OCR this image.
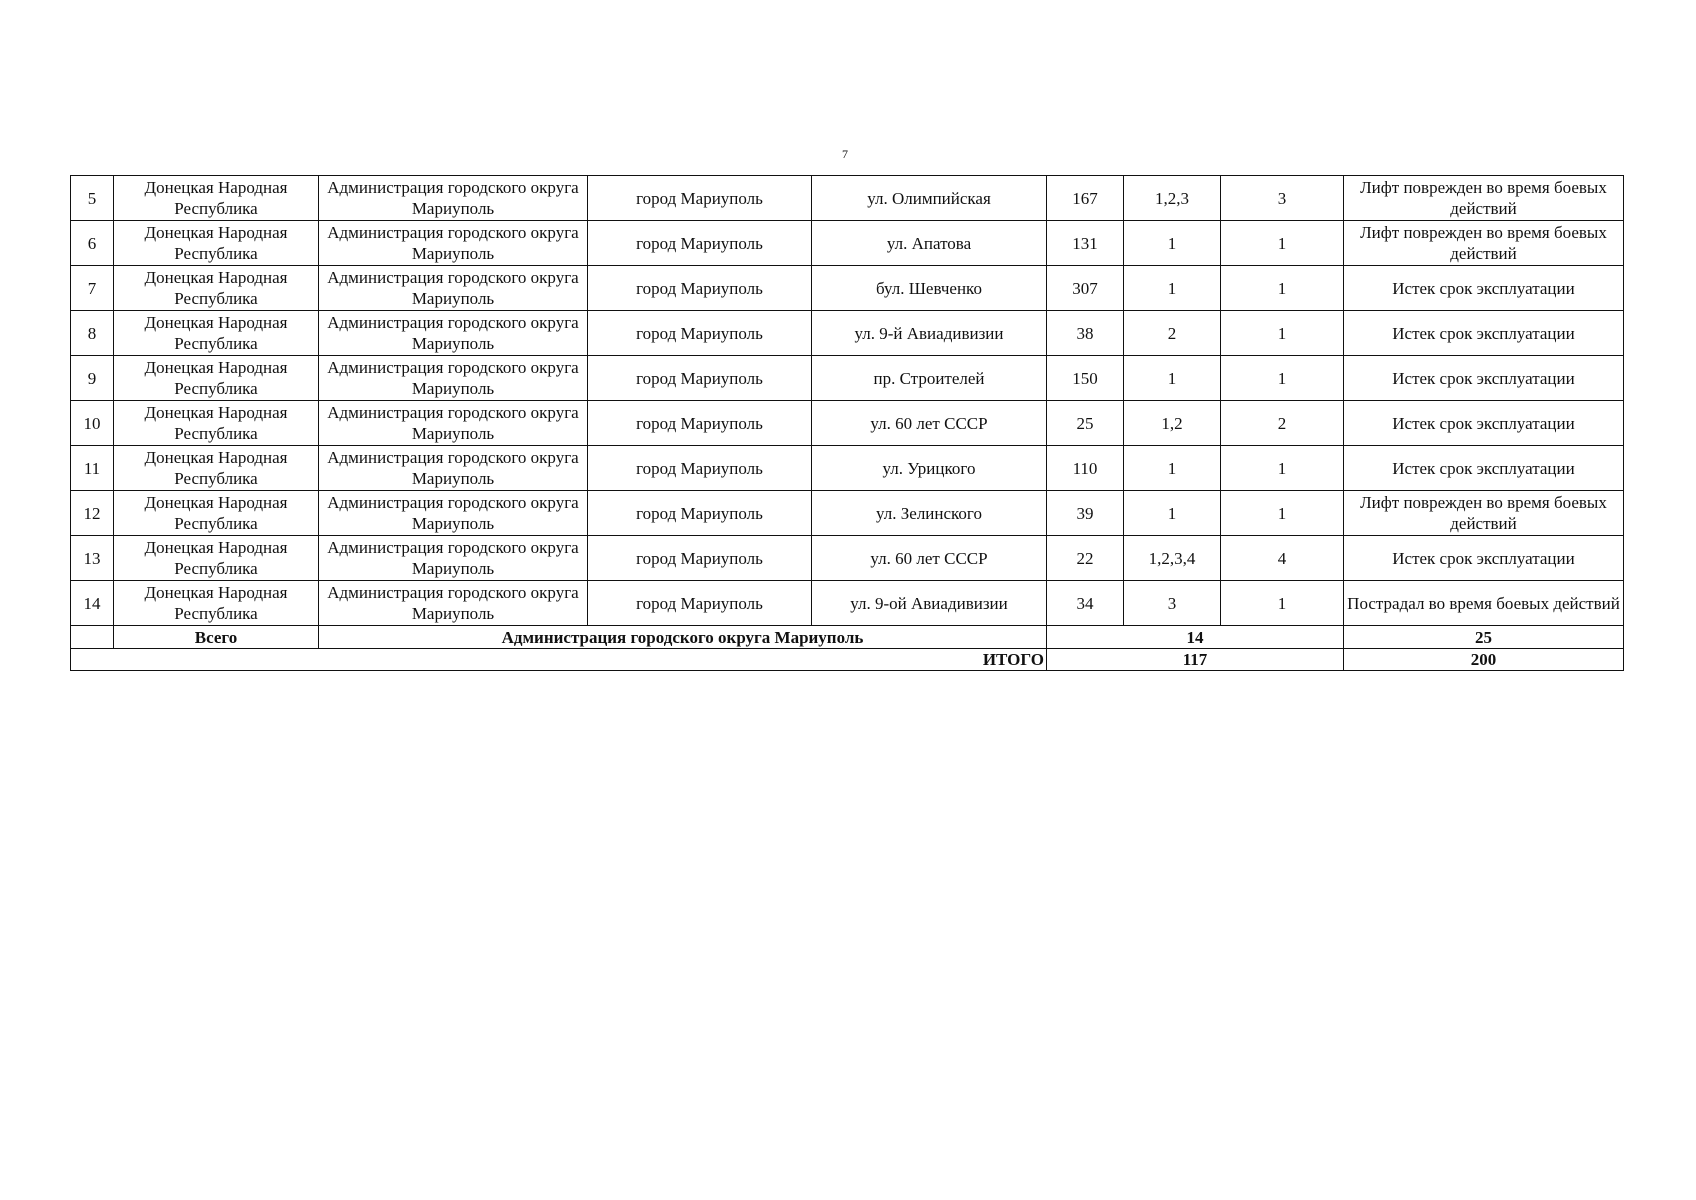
7
5	Донецкая Народная Республика	Администрация городского округа Мариуполь	город Мариуполь	ул. Олимпийская	167	1,2,3	3	Лифт поврежден во время боевых действий	
6	Донецкая Народная Республика	Администрация городского округа Мариуполь	город Мариуполь	ул. Апатова	131	1	1	Лифт поврежден во время боевых действий	
7	Донецкая Народная Республика	Администрация городского округа Мариуполь	город Мариуполь	бул. Шевченко	307	1	1	Истек срок эксплуатации	
8	Донецкая Народная Республика	Администрация городского округа Мариуполь	город Мариуполь	ул. 9-й Авиадивизии	38	2	1	Истек срок эксплуатации	
9	Донецкая Народная Республика	Администрация городского округа Мариуполь	город Мариуполь	пр. Строителей	150	1	1	Истек срок эксплуатации	
10	Донецкая Народная Республика	Администрация городского округа Мариуполь	город Мариуполь	ул. 60 лет СССР	25	1,2	2	Истек срок эксплуатации	
11	Донецкая Народная Республика	Администрация городского округа Мариуполь	город Мариуполь	ул. Урицкого	110	1	1	Истек срок эксплуатации	
12	Донецкая Народная Республика	Администрация городского округа Мариуполь	город Мариуполь	ул. Зелинского	39	1	1	Лифт поврежден во время боевых действий	
13	Донецкая Народная Республика	Администрация городского округа Мариуполь	город Мариуполь	ул. 60 лет СССР	22	1,2,3,4	4	Истек срок эксплуатации	
14	Донецкая Народная Республика	Администрация городского округа Мариуполь	город Мариуполь	ул. 9-ой Авиадивизии	34	3	1	Пострадал во время боевых действий	
	Всего	Администрация городского округа Мариуполь			14			25	
ИТОГО					117			200	
